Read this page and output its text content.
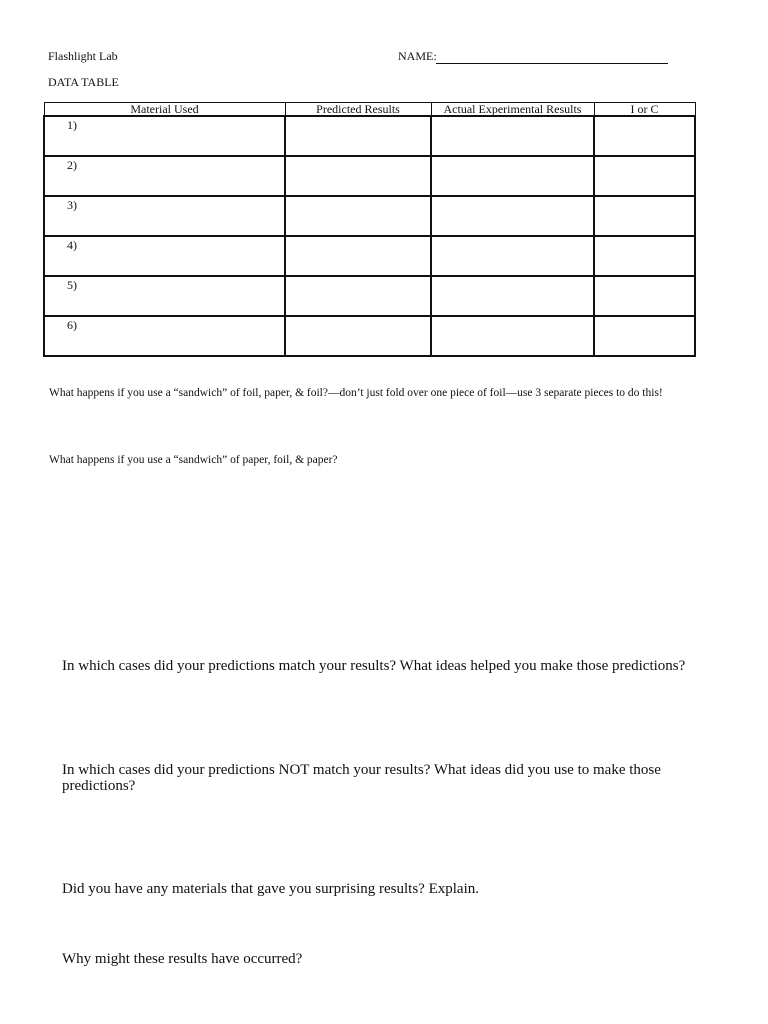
Flashlight Lab	NAME:
DATA TABLE
Material Used	Predicted Results	Actual Experimental Results	I or C

1)			

2)			

3)			

4)			

5)			

6)			

What happens if you use a “sandwich” of foil, paper, & foil?—don’t just fold over one piece of foil—use 3 separate pieces to do this!
What happens if you use a “sandwich” of paper, foil, & paper?
In which cases did your predictions match your results? What ideas helped you make those predictions?
In which cases did your predictions NOT match your results? What ideas did you use to make those predictions?
Did you have any materials that gave you surprising results? Explain.
Why might these results have occurred?
